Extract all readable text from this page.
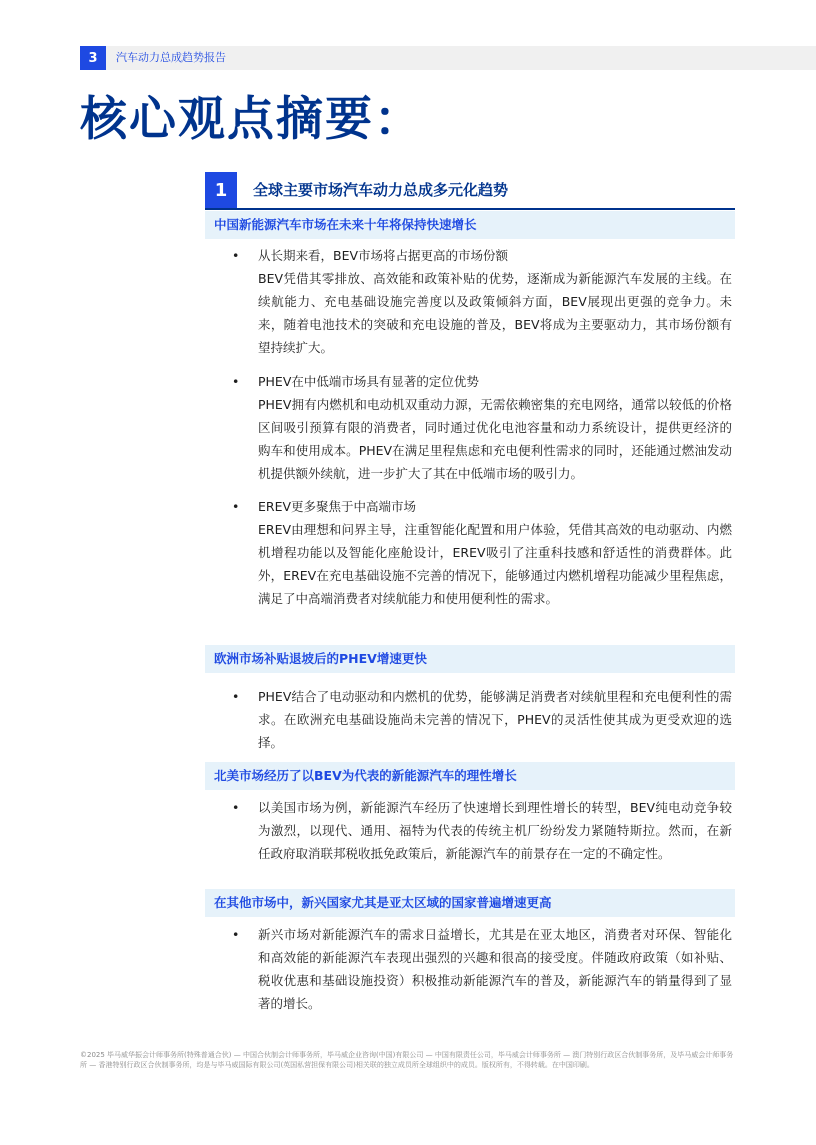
3	汽车动力总成趋势报告
核心观点摘要：
1	全球主要市场汽车动力总成多元化趋势
中国新能源汽车市场在未来十年将保持快速增长
• 从长期来看，BEV市场将占据更高的市场份额

BEV凭借其零排放、高效能和政策补贴的优势，逐渐成为新能源汽车发展的主线。在续航能力、充电基础设施完善度以及政策倾斜方面，BEV展现出更强的竞争力。未来，随着电池技术的突破和充电设施的普及，BEV将成为主要驱动力，其市场份额有望持续扩大。

• PHEV在中低端市场具有显著的定位优势

PHEV拥有内燃机和电动机双重动力源，无需依赖密集的充电网络，通常以较低的价格区间吸引预算有限的消费者，同时通过优化电池容量和动力系统设计，提供更经济的购车和使用成本。PHEV在满足里程焦虑和充电便利性需求的同时，还能通过燃油发动机提供额外续航，进一步扩大了其在中低端市场的吸引力。

• EREV更多聚焦于中高端市场

EREV由理想和问界主导，注重智能化配置和用户体验，凭借其高效的电动驱动、内燃机增程功能以及智能化座舱设计，EREV吸引了注重科技感和舒适性的消费群体。此外，EREV在充电基础设施不完善的情况下，能够通过内燃机增程功能减少里程焦虑，满足了中高端消费者对续航能力和使用便利性的需求。

欧洲市场补贴退坡后的PHEV增速更快
• PHEV结合了电动驱动和内燃机的优势，能够满足消费者对续航里程和充电便利性的需求。在欧洲充电基础设施尚未完善的情况下，PHEV的灵活性使其成为更受欢迎的选择。

北美市场经历了以BEV为代表的新能源汽车的理性增长
• 以美国市场为例，新能源汽车经历了快速增长到理性增长的转型，BEV纯电动竞争较为激烈，以现代、通用、福特为代表的传统主机厂纷纷发力紧随特斯拉。然而，在新任政府取消联邦税收抵免政策后，新能源汽车的前景存在一定的不确定性。

在其他市场中，新兴国家尤其是亚太区域的国家普遍增速更高
• 新兴市场对新能源汽车的需求日益增长，尤其是在亚太地区，消费者对环保、智能化和高效能的新能源汽车表现出强烈的兴趣和很高的接受度。伴随政府政策（如补贴、税收优惠和基础设施投资）积极推动新能源汽车的普及，新能源汽车的销量得到了显著的增长。

©2025 毕马威华振会计师事务所(特殊普通合伙) — 中国合伙制会计师事务所，毕马威企业咨询(中国)有限公司 — 中国有限责任公司，毕马威会计师事务所 — 澳门特别行政区合伙制事务所，及毕马威会计师事务所 — 香港特别行政区合伙制事务所，均是与毕马威国际有限公司(英国私营担保有限公司)相关联的独立成员所全球组织中的成员。版权所有，不得转载。在中国印刷。
